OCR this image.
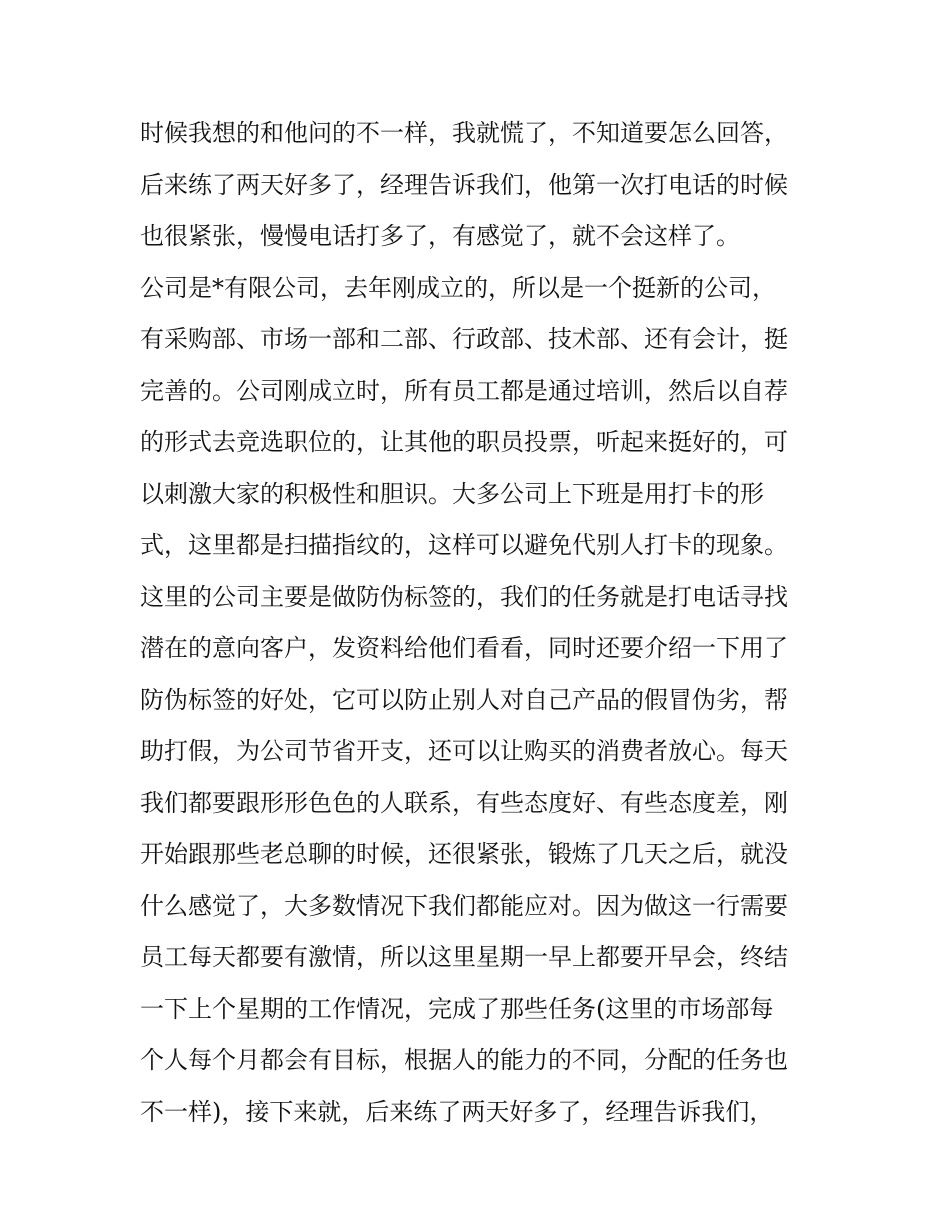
时候我想的和他问的不一样，我就慌了，不知道要怎么回答，
后来练了两天好多了，经理告诉我们，他第一次打电话的时候
也很紧张，慢慢电话打多了，有感觉了，就不会这样了。
公司是*有限公司，去年刚成立的，所以是一个挺新的公司，
有采购部、市场一部和二部、行政部、技术部、还有会计，挺
完善的。公司刚成立时，所有员工都是通过培训，然后以自荐
的形式去竞选职位的，让其他的职员投票，听起来挺好的，可
以刺激大家的积极性和胆识。大多公司上下班是用打卡的形
式，这里都是扫描指纹的，这样可以避免代别人打卡的现象。
这里的公司主要是做防伪标签的，我们的任务就是打电话寻找
潜在的意向客户，发资料给他们看看，同时还要介绍一下用了
防伪标签的好处，它可以防止别人对自己产品的假冒伪劣，帮
助打假，为公司节省开支，还可以让购买的消费者放心。每天
我们都要跟形形色色的人联系，有些态度好、有些态度差，刚
开始跟那些老总聊的时候，还很紧张，锻炼了几天之后，就没
什么感觉了，大多数情况下我们都能应对。因为做这一行需要
员工每天都要有激情，所以这里星期一早上都要开早会，终结
一下上个星期的工作情况，完成了那些任务(这里的市场部每
个人每个月都会有目标，根据人的能力的不同，分配的任务也
不一样)，接下来就，后来练了两天好多了，经理告诉我们，
